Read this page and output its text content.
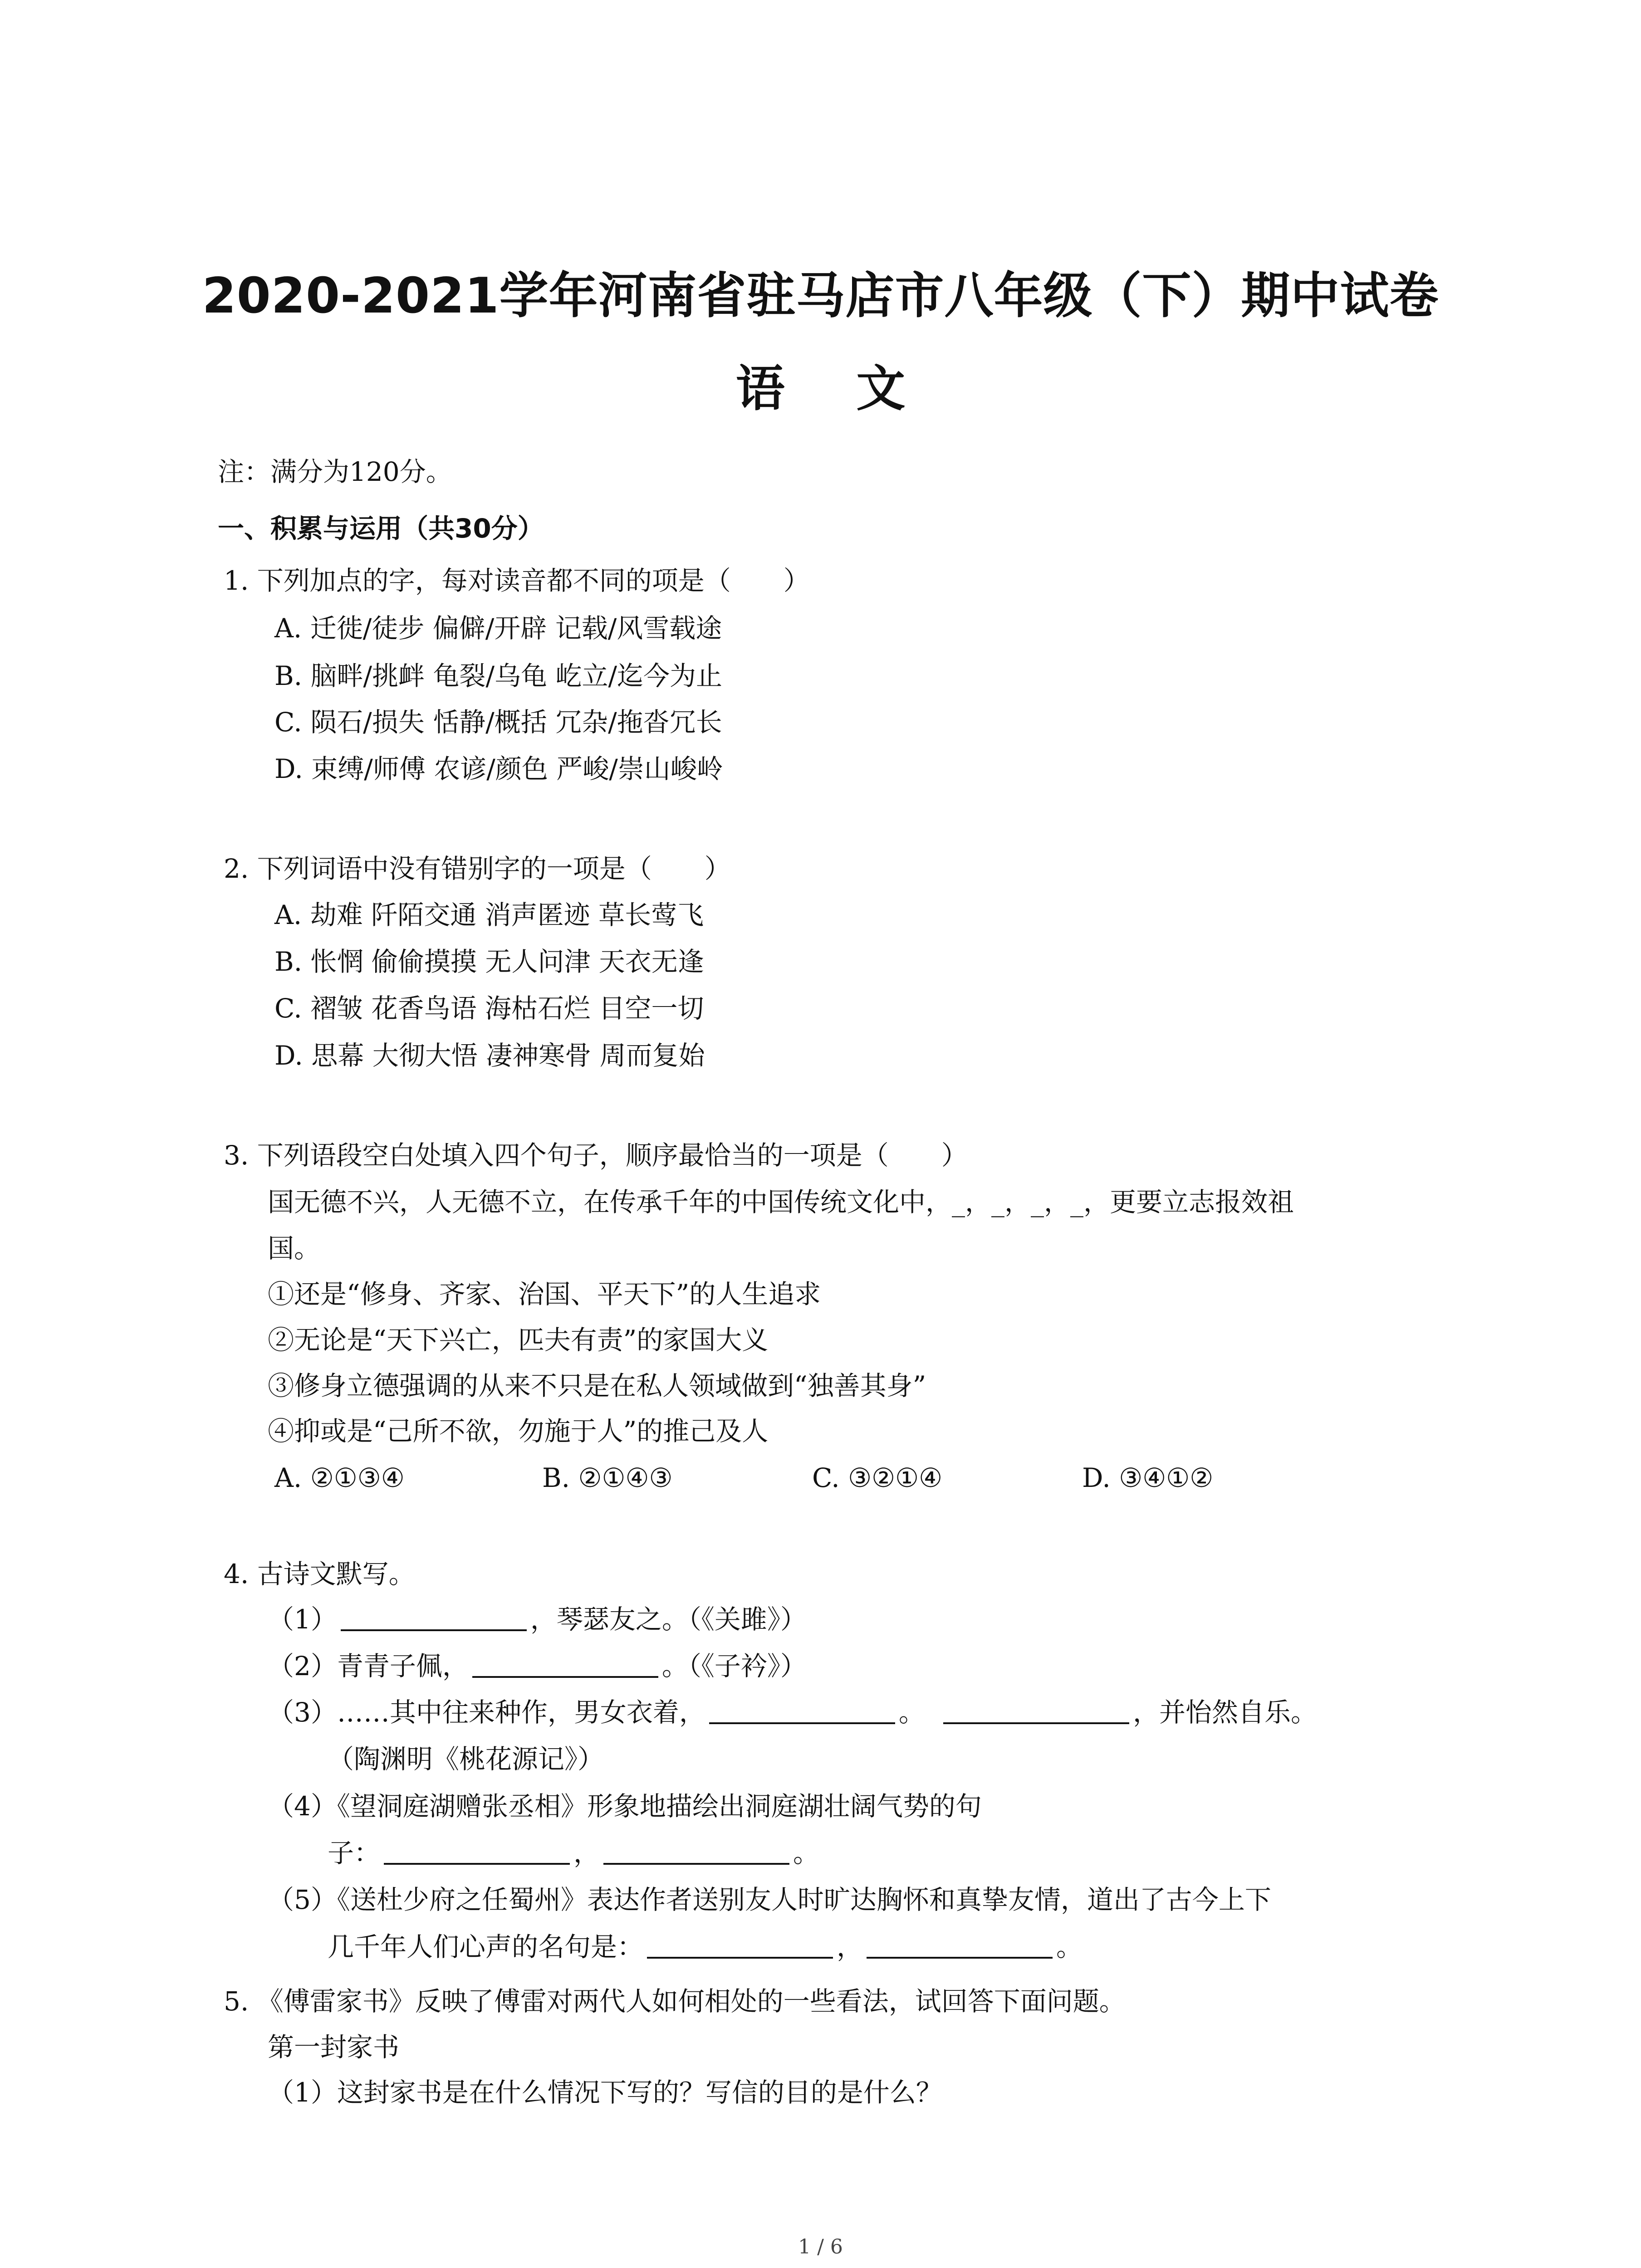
2020-2021学年河南省驻马店市八年级（下）期中试卷
语 文
注：满分为120分。
一、积累与运用（共30分）
1. 下列加点的字，每对读音都不同的项是（　　）
A. 迁徙/徒步 偏僻/开辟 记载/风雪载途
B. 脑畔/挑衅 龟裂/乌龟 屹立/迄今为止
C. 陨石/损失 恬静/概括 冗杂/拖沓冗长
D. 束缚/师傅 农谚/颜色 严峻/崇山峻岭
2. 下列词语中没有错别字的一项是（　　）
A. 劫难 阡陌交通 消声匿迹 草长莺飞
B. 怅惘 偷偷摸摸 无人问津 天衣无逢
C. 褶皱 花香鸟语 海枯石烂 目空一切
D. 思幕 大彻大悟 凄神寒骨 周而复始
3. 下列语段空白处填入四个句子，顺序最恰当的一项是（　　）
国无德不兴，人无德不立，在传承千年的中国传统文化中，_，_，_，_，更要立志报效祖
国。
①还是“修身、齐家、治国、平天下”的人生追求
②无论是“天下兴亡，匹夫有责”的家国大义
③修身立德强调的从来不只是在私人领域做到“独善其身”
④抑或是“己所不欲，勿施于人”的推己及人
A. ②①③④	B. ②①④③	C. ③②①④	D. ③④①②
4. 古诗文默写。
（1）	，琴瑟友之。（《关雎》）
（2）青青子佩，	。（《子衿》）
（3）……其中往来种作，男女衣着，	。	，并怡然自乐。
（陶渊明《桃花源记》）
（4）《望洞庭湖赠张丞相》形象地描绘出洞庭湖壮阔气势的句
子：	，	。
（5）《送杜少府之任蜀州》表达作者送别友人时旷达胸怀和真挚友情，道出了古今上下
几千年人们心声的名句是：	，	。
5. 《傅雷家书》反映了傅雷对两代人如何相处的一些看法，试回答下面问题。
第一封家书
（1）这封家书是在什么情况下写的？写信的目的是什么？
1 / 6
